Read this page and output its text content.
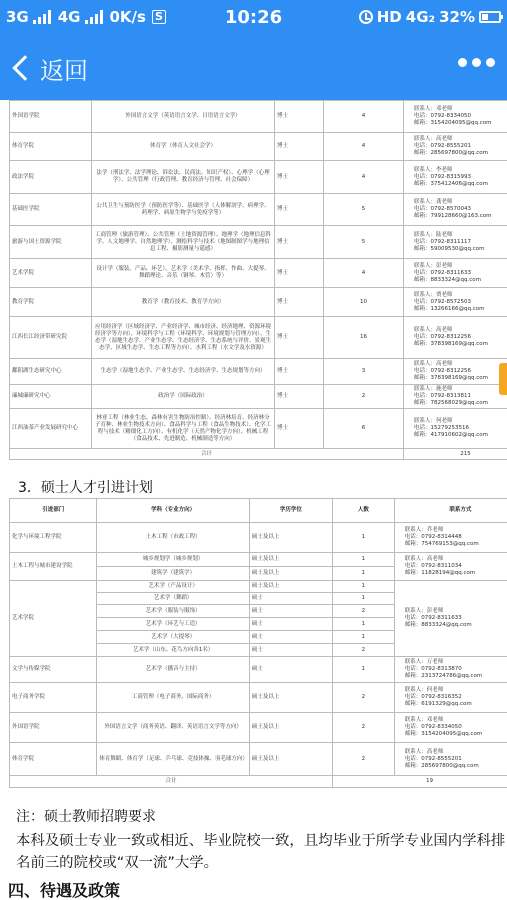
3G 4G 0K/s S	10:26	HD 4G₂ 32%
返回
外国语学院	外国语言文学（英语语言文学、日语语言文学）	博士	4	联系人：邓老师
电话：0792-8334050
邮箱：3154204095@qq.com

体育学院	体育学（体育人文社会学）	博士	4	联系人：高老师
电话：0792-8555201
邮箱：285697800@qq.com

政法学院	法学（刑法学、法学理论、诉讼法、民商法、知识产权）、心理学（心理学）、公共管理（行政管理、教育经济与管理、社会保障）	博士	4	联系人：李老师
电话：0792-8315993
邮箱：375412406@qq.com

基础医学院	公共卫生与预防医学（预防医学等）、基础医学（人体解剖学、病理学、药理学、病原生物学与免疫学等）	博士	5	联系人：龚老师
电话：0792-8570043
邮箱：799128660@163.com

旅游与国土资源学院	工商管理（旅游管理）、公共管理（土地资源管理）、地理学（地理信息科学、人文地理学、自然地理学）、测绘科学与技术（地图制图学与地理信息工程、摄影测量与遥感）	博士	5	联系人：陆老师
电话：0792-8311117
邮箱：59009530@qq.com

艺术学院	设计学（服装、产品、环艺）、艺术学（美术学、指挥、作曲、大提琴、舞蹈理论、音乐（钢琴、木管）等）	博士	4	联系人：彭老师
电话：0792-8311633
邮箱：8833324@qq.com

教育学院	教育学（教育技术、教育学方向）	博士	10	联系人：贾老师
电话：0792-8572503
邮箱：13266166@qq.com

江西长江经济带研究院	应用经济学（区域经济学、产业经济学、城市经济、经济地理、资源环境经济学等方向）、环境科学与工程（环境科学、环境规划与管理方向）、生态学（湿地生态学、产业生态学、生态经济学、生态系统与评价、景观生态学、区域生态学、生态工程等方向）、水利工程（水文学及水资源）	博士	16	联系人：高老师
电话：0792-8312256
邮箱：378398169@qq.com

鄱阳湖生态研究中心	生态学（湿地生态学、产业生态学、生态经济学、生态规划等方向）	博士	3	联系人：高老师
电话：0792-8312256
邮箱：378398169@qq.com

廉城廉研究中心	政治学（国际政治）	博士	2	联系人：施老师
电话：0792-8313811
邮箱：782568029@qq.com

江西油茶产业发展研究中心	林业工程（林业生态、森林有害生物防治控制）、经济林培育、经济林分子育种、林业生物技术方向）、食品科学与工程（食品生物技术）、化学工程与技术（精细化工方向）、有机化学（天然产物化学方向）、机械工程（食品技术、先进制造、机械制造等方向）	博士	6	联系人：何老师
电话：15279253516
邮箱：417910602@qq.com

合计				215
3．硕士人才引进计划
引进部门	学科（专业方向）	学历学位	人数	联系方式
化学与环境工程学院	土木工程（市政工程）	硕士及以上	1	联系人：乔老师
电话：0792-8314448
邮箱：754769153@qq.com

土木工程与城市建设学院	城乡规划学（城乡规划）	硕士及以上	1	联系人：高老师
电话：0792-8311034
邮箱：11828194@qq.com

	建筑学（建筑学）	硕士及以上	1	
艺术学院	艺术学（产品设计）	硕士及以上	1	联系人：彭老师
电话：0792-8311633
邮箱：8833324@qq.com

	艺术学（舞蹈）	硕士	1	
	艺术学（服装与服饰）	硕士	2	
	艺术学（环艺与工造）	硕士	1	
	艺术学（大提琴）	硕士	1	
	艺术学（山东、花鸟方向各1名）	硕士	2	
文学与传媒学院	艺术学（播音与主持）	硕士	1	联系人：万老师
电话：0792-8313870
邮箱：2313724786@qq.com

电子商务学院	工商管理（电子商务、国际商务）	硕士及以上	2	联系人：何老师
电话：0792-8316352
邮箱：6191329@qq.com

外国语学院	外国语言文学（商务英语、翻译、英语语言文学等方向）	硕士及以上	2	联系人：邓老师
电话：0792-8334050
邮箱：3154204095@qq.com

体育学院	体育舞蹈、体育学（足球、乒乓球、竞技体操、羽毛球方向）	硕士及以上	2	联系人：高老师
电话：0792-8555201
邮箱：285697800@qq.com

合计			19	
注：硕士教师招聘要求
本科及硕士专业一致或相近、毕业院校一致，且均毕业于所学专业国内学科排名前三的院校或“双一流”大学。
四、待遇及政策
